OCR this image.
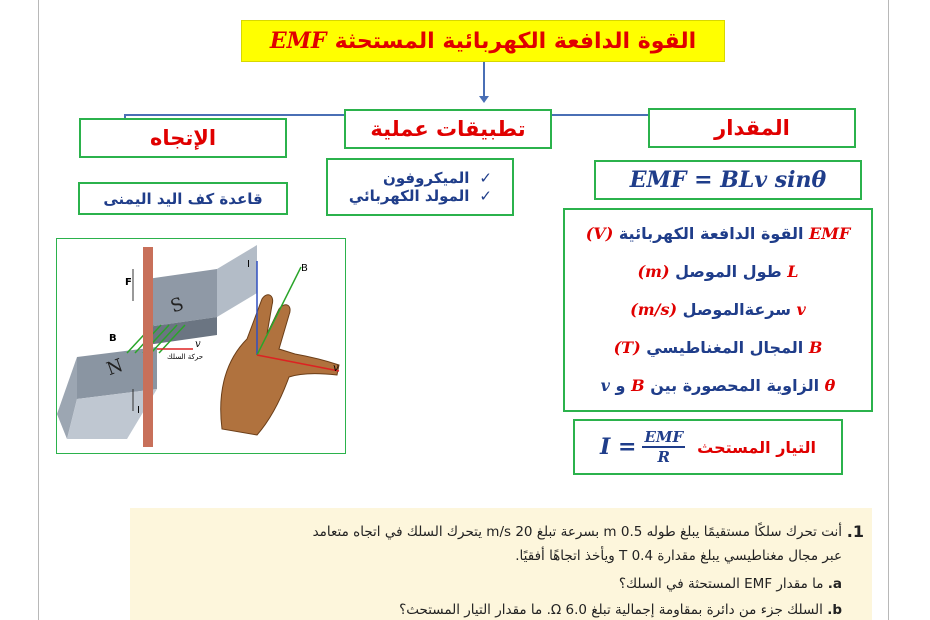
القوة الدافعة الكهربائية المستحثة
EMF
الإتجاه	تطبيقات عملية	المقدار
قاعدة كف اليد اليمنى
✓الميكروفون
✓المولد الكهربائي
EMF = BLv sinθ
EMF القوة الدافعة الكهربائية (V)
L طول الموصل (m)
v سرعةالموصل (m/s)
B المجال المغناطيسي (T)
θ الزاوية المحصورة بين B و v
التيار المستحث
I = EMF
R
F
S
N
B
v
حركة السلك
I
I	B
v
1.
أنت تحرك سلكًا مستقيمًا يبلغ طوله 0.5 m بسرعة تبلغ 20 m/s يتحرك السلك في اتجاه متعامد
عبر مجال مغناطيسي يبلغ مقدارة 0.4 T ويأخذ اتجاهًا أفقيًا.
a. ما مقدار EMF المستحثة في السلك؟
b. السلك جزء من دائرة بمقاومة إجمالية تبلغ 6.0 Ω. ما مقدار التيار المستحث؟
